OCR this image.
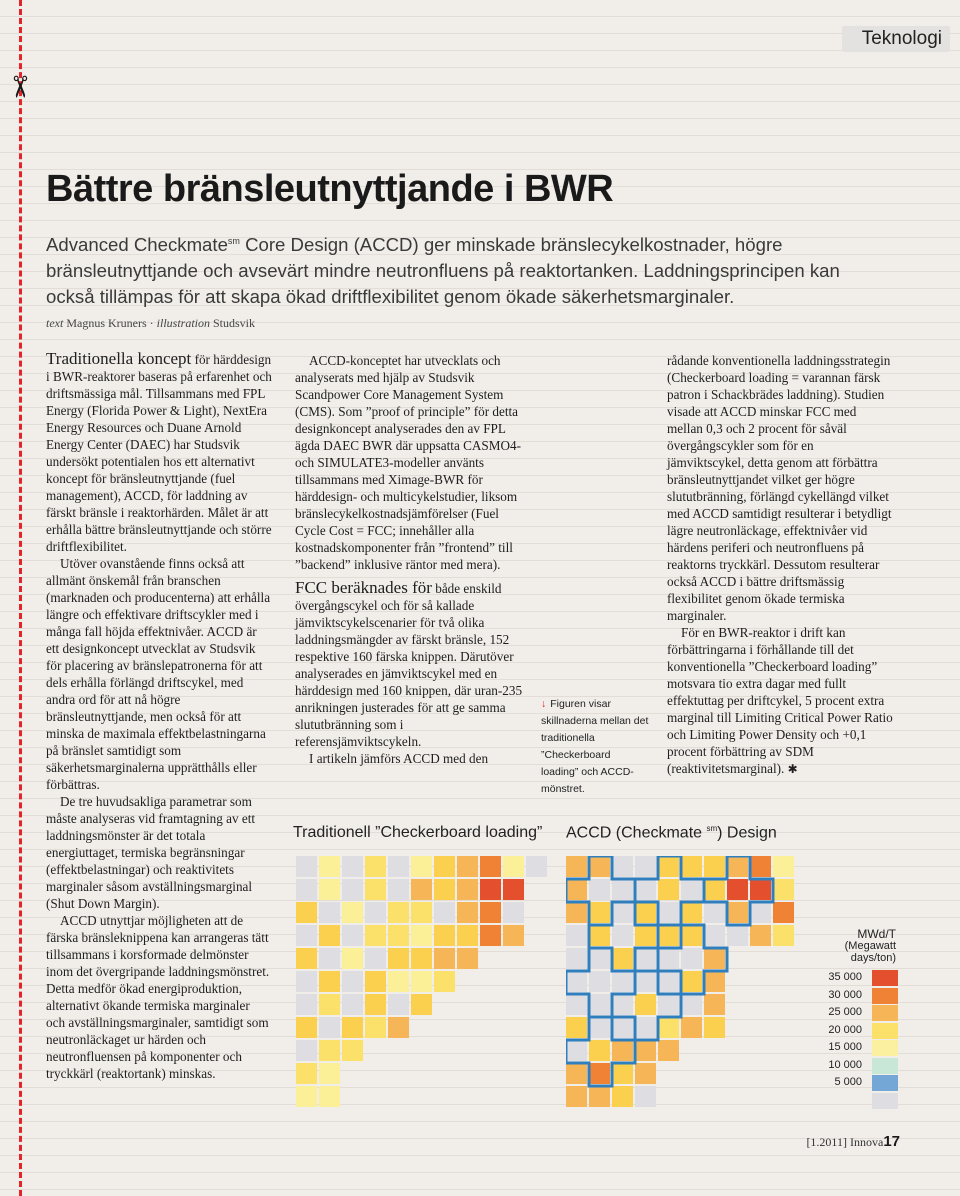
✂
Teknologi
Bättre bränsleutnyttjande i BWR

Advanced Checkmate$^{sm}$ Core Design (ACCD) ger minskade bränslecykelkostnader, högre bränsleutnyttjande och avsevärt mindre neutronfluens på reaktortanken. Laddningsprincipen kan också tillämpas för att skapa ökad driftflexibilitet genom ökade säkerhetsmarginaler.

text Magnus Kruners · illustration Studsvik

Traditionella koncept för härddesign i BWR-reaktorer baseras på erfarenhet och driftsmässiga mål. Tillsammans med FPL Energy (Florida Power & Light), NextEra Energy Resources och Duane Arnold Energy Center (DAEC) har Studsvik undersökt potentialen hos ett alternativt koncept för bränsleutnyttjande (fuel management), ACCD, för laddning av färskt bränsle i reaktorhärden. Målet är att erhålla bättre bränsleutnyttjande och större driftflexibilitet.

Utöver ovanstående finns också att allmänt önskemål från branschen (marknaden och producenterna) att erhålla längre och effektivare driftscykler med i många fall höjda effektnivåer. ACCD är ett designkoncept utvecklat av Studsvik för placering av bränslepatronerna för att dels erhålla förlängd driftscykel, med andra ord för att nå högre bränsleutnyttjande, men också för att minska de maximala effektbelastningarna på bränslet samtidigt som säkerhetsmarginalerna upprätthålls eller förbättras.

De tre huvudsakliga parametrar som måste analyseras vid framtagning av ett laddningsmönster är det totala energiuttaget, termiska begränsningar (effektbelastningar) och reaktivitets marginaler såsom avställningsmarginal (Shut Down Margin).

ACCD utnyttjar möjligheten att de färska bränsleknippena kan arrangeras tätt tillsammans i korsformade delmönster inom det övergripande laddningsmönstret. Detta medför ökad energiproduktion, alternativt ökande termiska marginaler och avställningsmarginaler, samtidigt som neutronläckaget ur härden och neutronfluensen på komponenter och tryckkärl (reaktortank) minskas.

ACCD-konceptet har utvecklats och analyserats med hjälp av Studsvik Scandpower Core Management System (CMS). Som ”proof of principle” för detta designkoncept analyserades den av FPL ägda DAEC BWR där uppsatta CASMO4- och SIMULATE3-modeller använts tillsammans med Ximage-BWR för härddesign- och multicykelstudier, liksom bränslecykelkostnadsjämförelser (Fuel Cycle Cost = FCC; innehåller alla kostnadskomponenter från ”frontend” till ”backend” inklusive räntor med mera).

FCC beräknades för både enskild övergångscykel och för så kallade jämviktscykelscenarier för två olika laddningsmängder av färskt bränsle, 152 respektive 160 färska knippen. Därutöver analyserades en jämviktscykel med en härddesign med 160 knippen, där uran-235 anrikningen justerades för att ge samma slututbränning som i referensjämviktscykeln.

I artikeln jämförs ACCD med den

rådande konventionella laddningsstrategin (Checkerboard loading = varannan färsk patron i Schackbrädes laddning). Studien visade att ACCD minskar FCC med mellan 0,3 och 2 procent för såväl övergångscykler som för en jämviktscykel, detta genom att förbättra bränsleutnyttjandet vilket ger högre slututbränning, förlängd cykellängd vilket med ACCD samtidigt resulterar i betydligt lägre neutronläckage, effektnivåer vid härdens periferi och neutronfluens på reaktorns tryckkärl. Dessutom resulterar också ACCD i bättre driftsmässig flexibilitet genom ökade termiska marginaler.

För en BWR-reaktor i drift kan förbättringarna i förhållande till det konventionella ”Checkerboard loading” motsvara tio extra dagar med fullt effektuttag per driftcykel, 5 procent extra marginal till Limiting Critical Power Ratio och Limiting Power Density och +0,1 procent förbättring av SDM (reaktivitetsmarginal). ✱

↓ Figuren visar skillnaderna mellan det traditionella ”Checkerboard loading” och ACCD-mönstret.
Traditionell ”Checkerboard loading” ACCD (Checkmate $^{sm}$) Design
MWd/T
(Megawatt
days/ton)
35 000
30 000
25 000
20 000
15 000
10 000
5 000
[1.2011] Innova17
